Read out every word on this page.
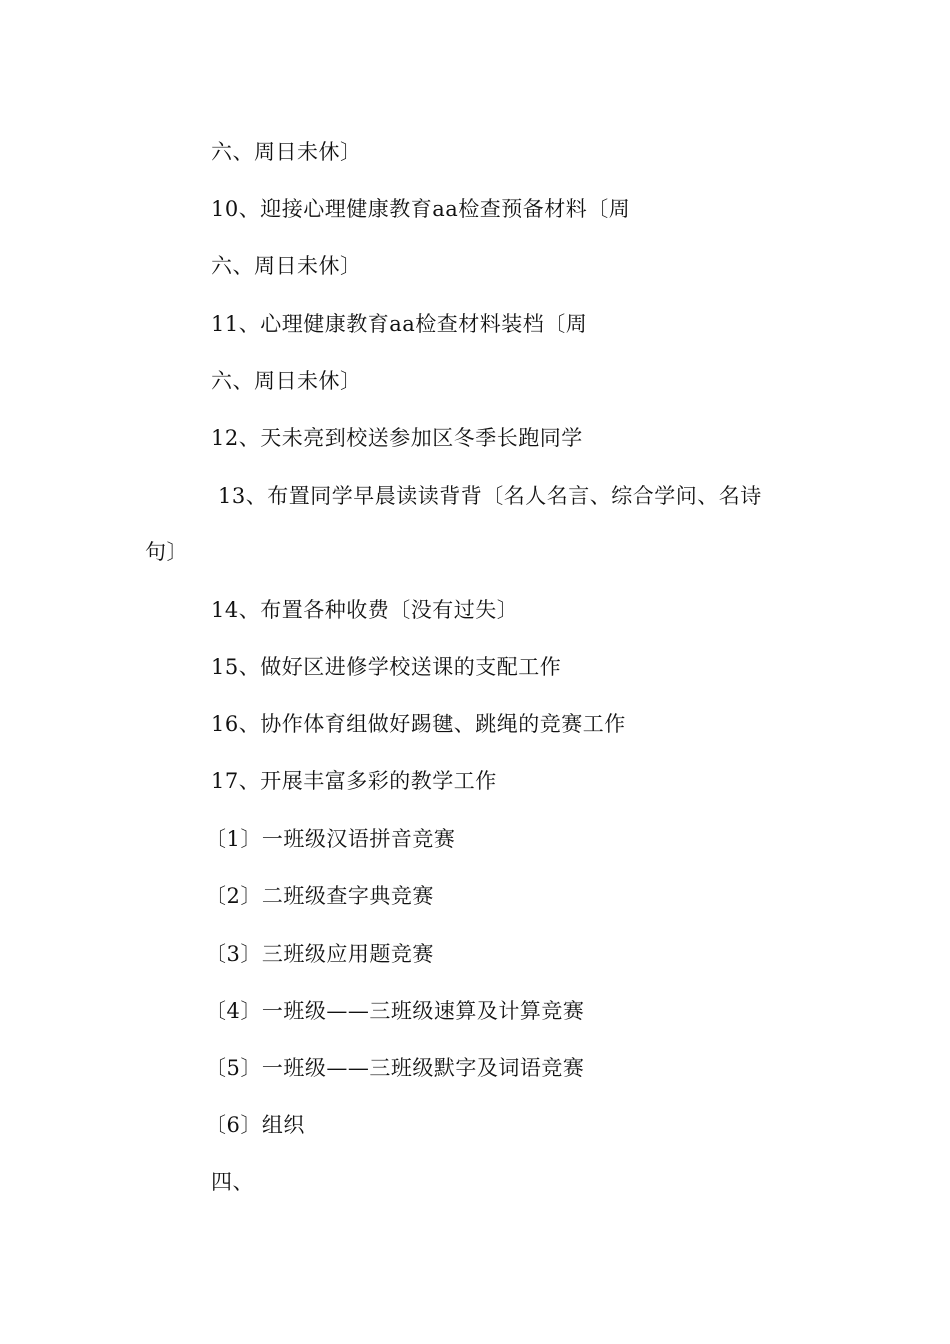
六、周日未休〕
10、迎接心理健康教育aa检查预备材料〔周
六、周日未休〕
11、心理健康教育aa检查材料装档〔周
六、周日未休〕
12、天未亮到校送参加区冬季长跑同学
13、布置同学早晨读读背背〔名人名言、综合学问、名诗
句〕
14、布置各种收费〔没有过失〕
15、做好区进修学校送课的支配工作
16、协作体育组做好踢毽、跳绳的竞赛工作
17、开展丰富多彩的教学工作
〔1〕一班级汉语拼音竞赛
〔2〕二班级查字典竞赛
〔3〕三班级应用题竞赛
〔4〕一班级——三班级速算及计算竞赛
〔5〕一班级——三班级默字及词语竞赛
〔6〕组织
四、
